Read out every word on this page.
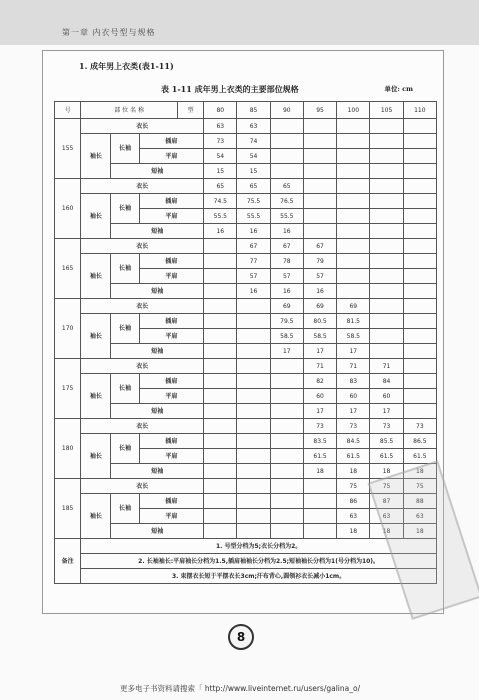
第一章 内衣号型与规格
1. 成年男上衣类(表1-11)
表 1-11 成年男上衣类的主要部位规格	单位: cm
号	部 位 名 称			型	80	85	90	95	100	105	110
155	衣长				63	63					
	袖长	长袖	插肩		73	74					
			平肩		54	54					
		短袖			15	15					
160	衣长				65	65	65				
	袖长	长袖	插肩		74.5	75.5	76.5				
			平肩		55.5	55.5	55.5				
		短袖			16	16	16				
165	衣长					67	67	67			
	袖长	长袖	插肩			77	78	79			
			平肩			57	57	57			
		短袖				16	16	16			
170	衣长						69	69	69		
	袖长	长袖	插肩				79.5	80.5	81.5		
			平肩				58.5	58.5	58.5		
		短袖					17	17	17		
175	衣长							71	71	71	
	袖长	长袖	插肩					82	83	84	
			平肩					60	60	60	
		短袖						17	17	17	
180	衣长							73	73	73	73
	袖长	长袖	插肩					83.5	84.5	85.5	86.5
			平肩					61.5	61.5	61.5	61.5
		短袖						18	18	18	18
185	衣长								75	75	75
	袖长	长袖	插肩						86	87	88
			平肩						63	63	63
		短袖							18	18	18
备注	1. 号型分档为5;衣长分档为2。										
	2. 长袖袖长:平肩袖长分档为1.5,插肩袖袖长分档为2.5;短袖袖长分档为1(号分档为10)。										
	3. 束摆衣长短于平摆衣长3cm;汗布背心,圆领衫衣长减小1cm。										
8
更多电子书资料请搜索「 http://www.liveinternet.ru/users/galina_o/
